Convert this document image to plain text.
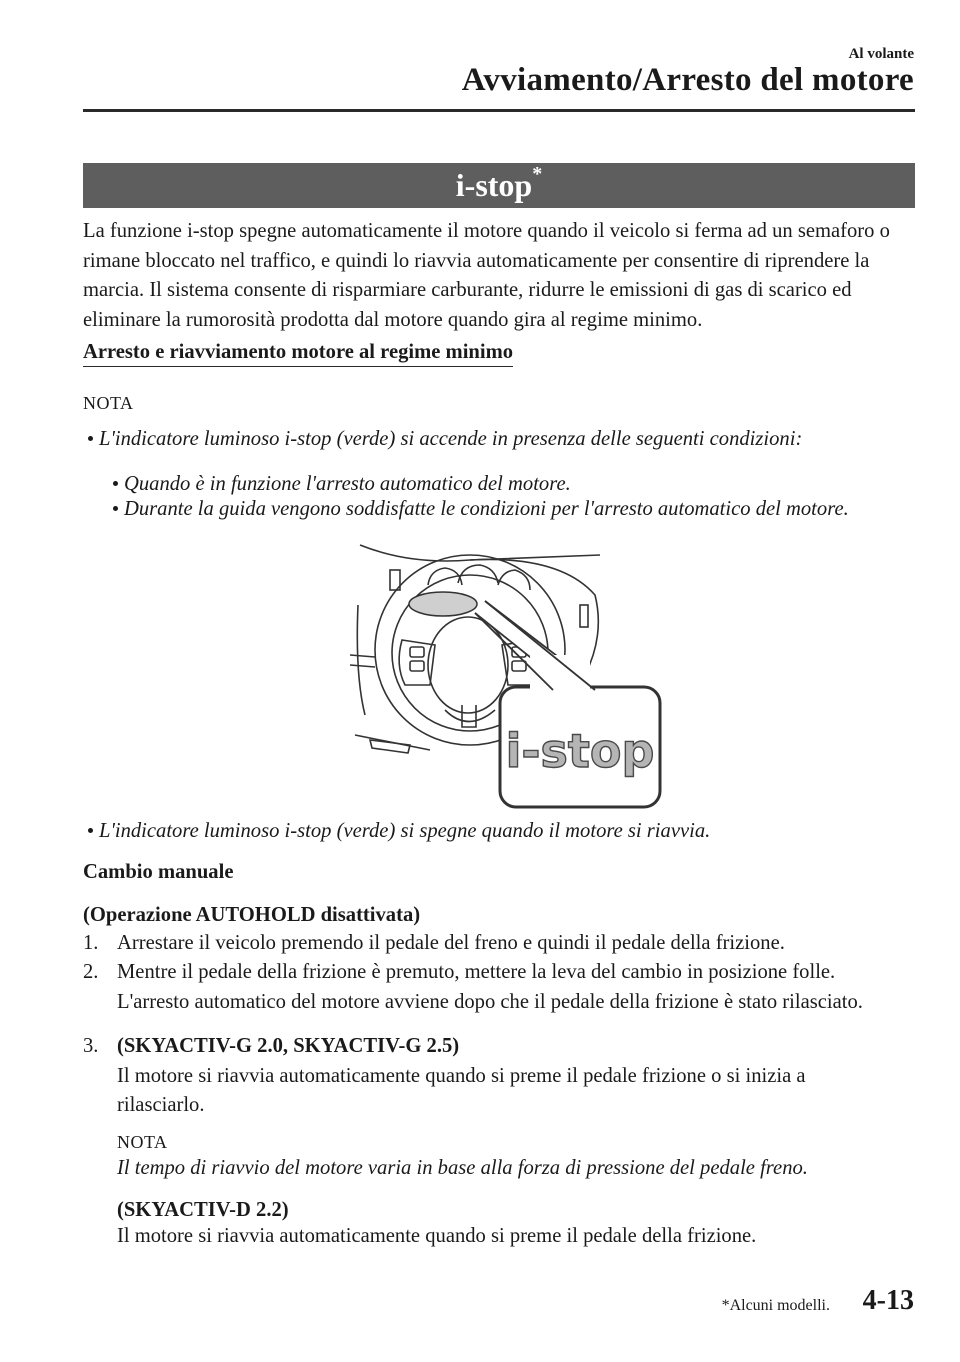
Al volante
Avviamento/Arresto del motore
i-stop*
La funzione i-stop spegne automaticamente il motore quando il veicolo si ferma ad un semaforo o rimane bloccato nel traffico, e quindi lo riavvia automaticamente per consentire di riprendere la marcia. Il sistema consente di risparmiare carburante, ridurre le emissioni di gas di scarico ed eliminare la rumorosità prodotta dal motore quando gira al regime minimo.
Arresto e riavviamento motore al regime minimo
NOTA
L'indicatore luminoso i-stop (verde) si accende in presenza delle seguenti condizioni:
Quando è in funzione l'arresto automatico del motore.
Durante la guida vengono soddisfatte le condizioni per l'arresto automatico del motore.
i-stop
L'indicatore luminoso i-stop (verde) si spegne quando il motore si riavvia.
Cambio manuale
(Operazione AUTOHOLD disattivata)
1. Arrestare il veicolo premendo il pedale del freno e quindi il pedale della frizione.
2. Mentre il pedale della frizione è premuto, mettere la leva del cambio in posizione folle.
L'arresto automatico del motore avviene dopo che il pedale della frizione è stato rilasciato.
3. (SKYACTIV-G 2.0, SKYACTIV-G 2.5)
Il motore si riavvia automaticamente quando si preme il pedale frizione o si inizia a rilasciarlo.
NOTA
Il tempo di riavvio del motore varia in base alla forza di pressione del pedale freno.
(SKYACTIV-D 2.2)
Il motore si riavvia automaticamente quando si preme il pedale della frizione.
*Alcuni modelli. 4-13
